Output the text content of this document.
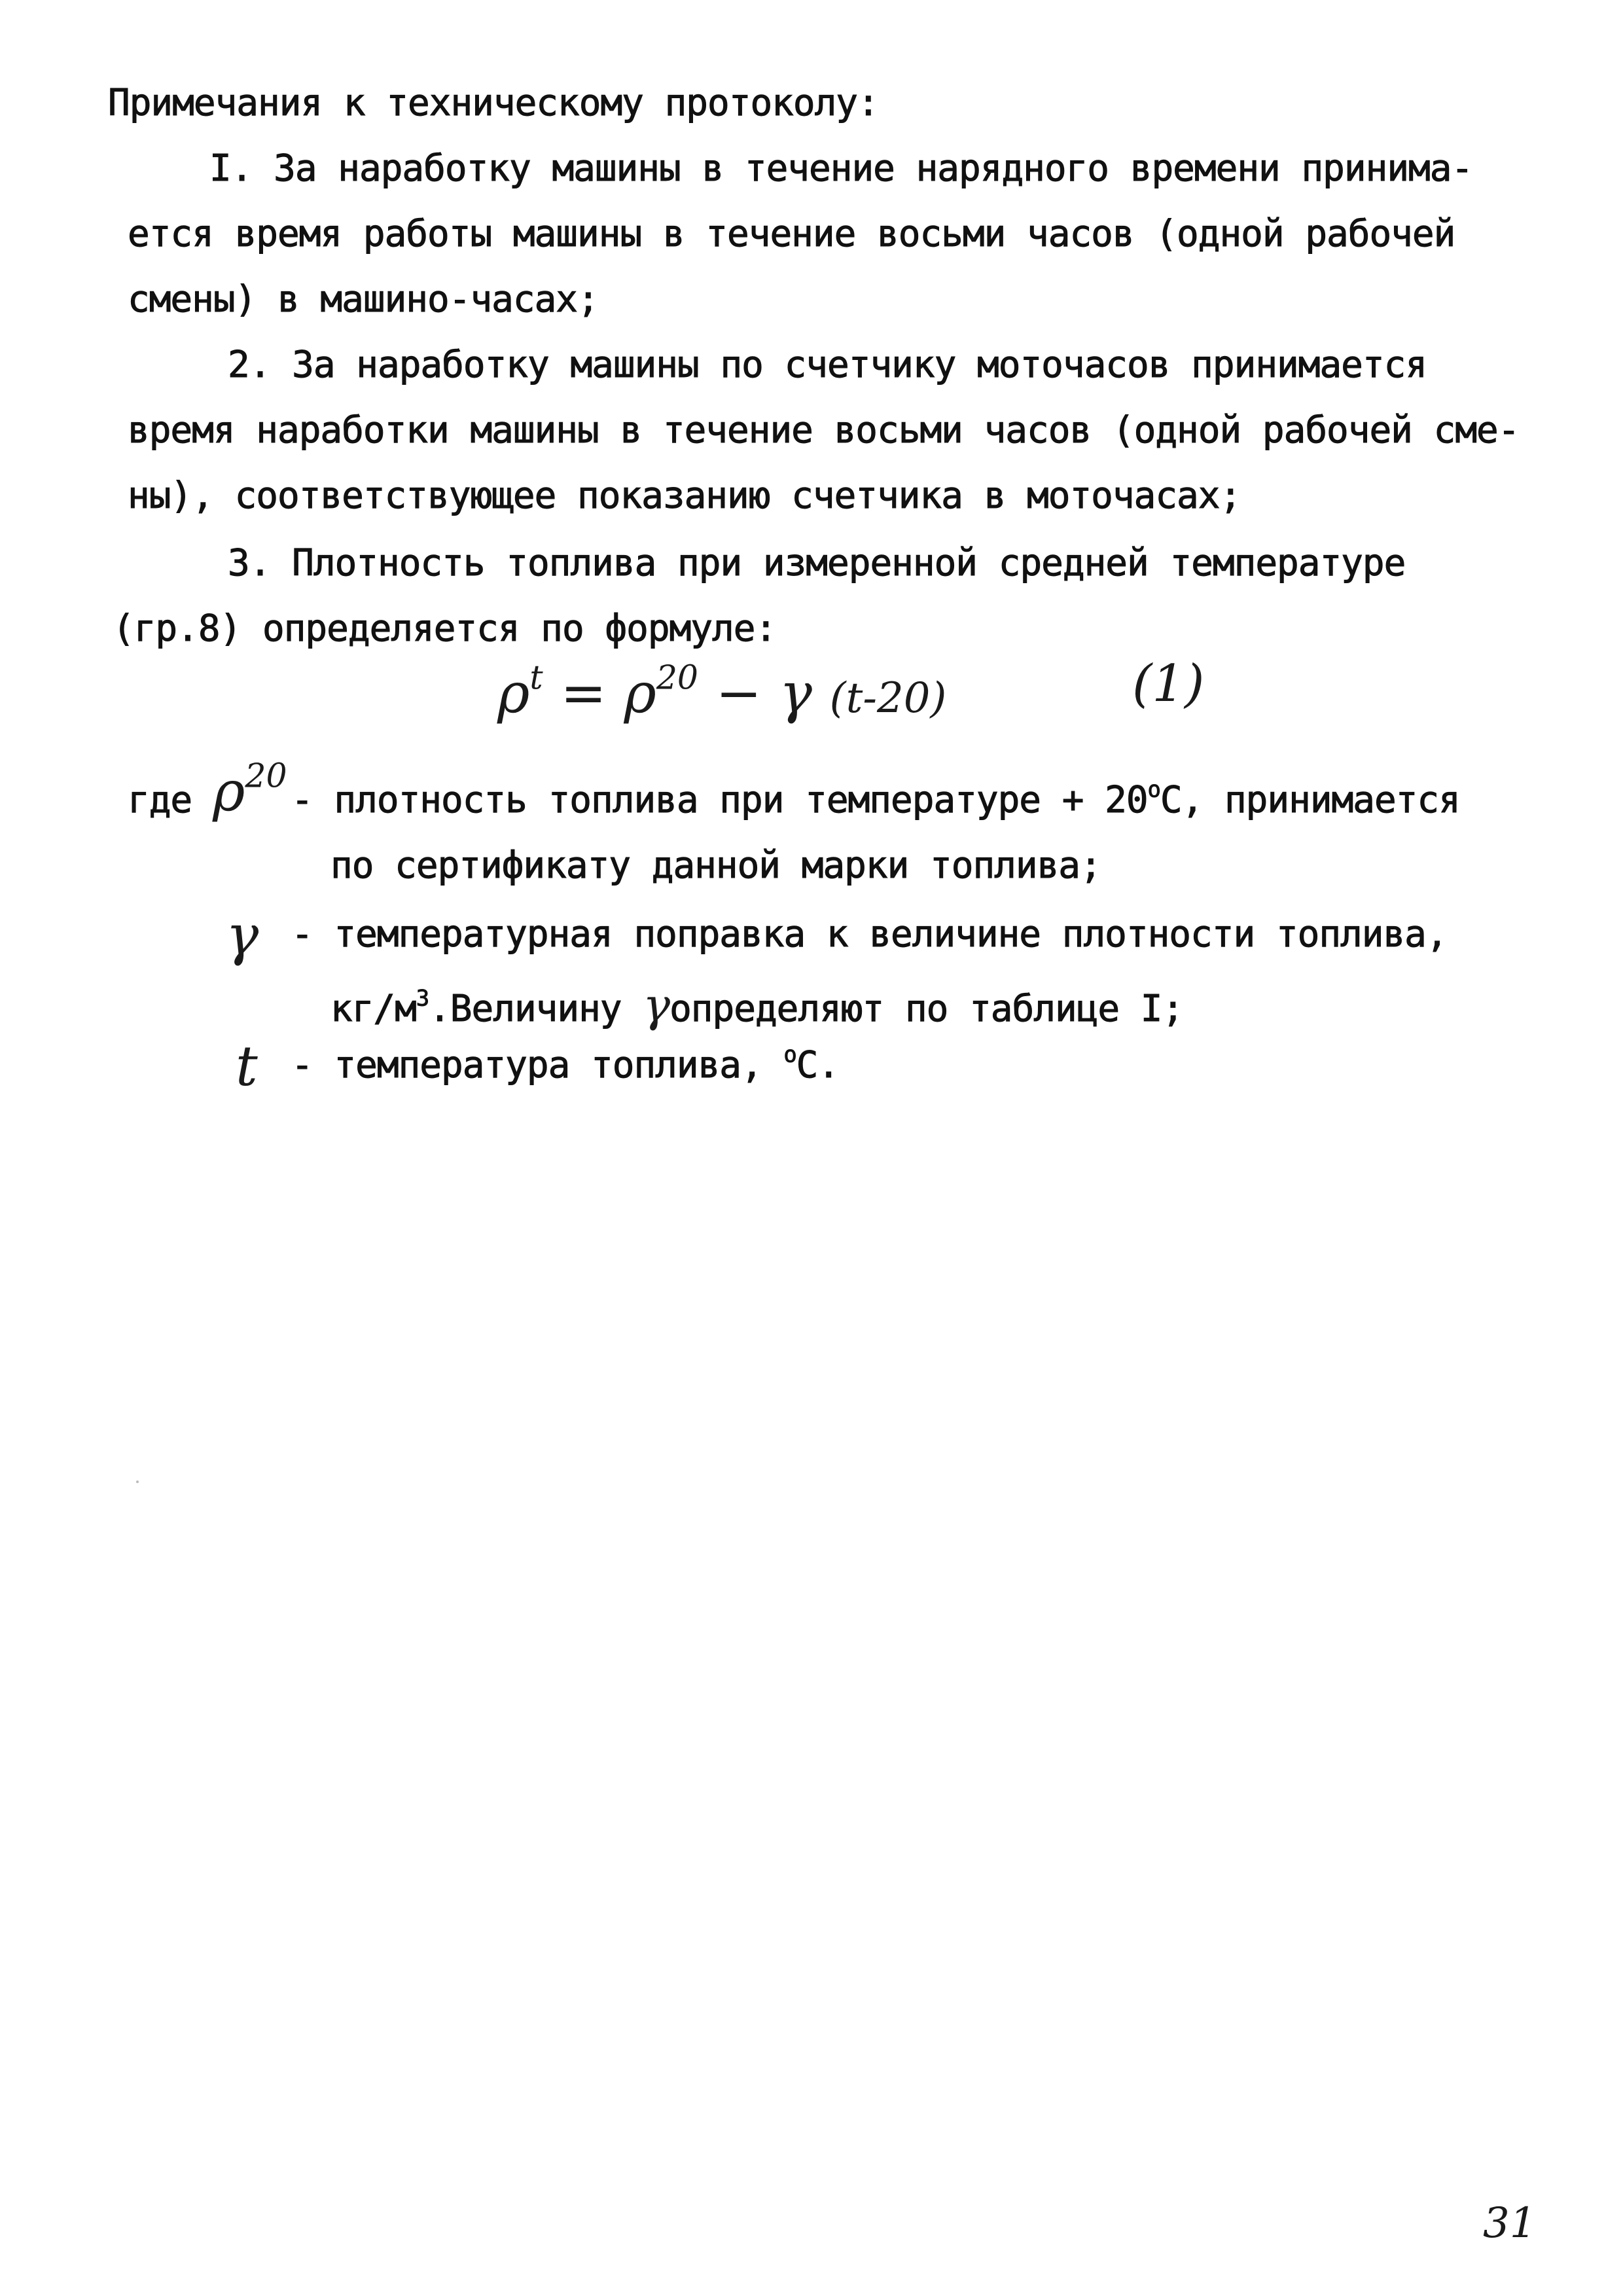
Примечания к техническому протоколу:
I. За наработку машины в течение нарядного времени принима-
ется время работы машины в течение восьми часов (одной рабочей
смены) в машино-часах;
2. За наработку машины по счетчику моточасов принимается
время наработки машины в течение восьми часов (одной рабочей сме-
ны), соответствующее показанию счетчика в моточасах;
3. Плотность топлива при измеренной средней температуре
(гр.8) определяется по формуле:
$\rho^t = \rho^{20} - \gamma$ (t-20)	(1)
где $\rho^{20}$
- плотность топлива при температуре + $20^оС$, принимается
по сертификату данной марки топлива;
γ - температурная поправка к величине плотности топлива,
$кг/м^3.Величину$ γопределяют по таблице I;
t - температура топлива, $^о$С.
31
